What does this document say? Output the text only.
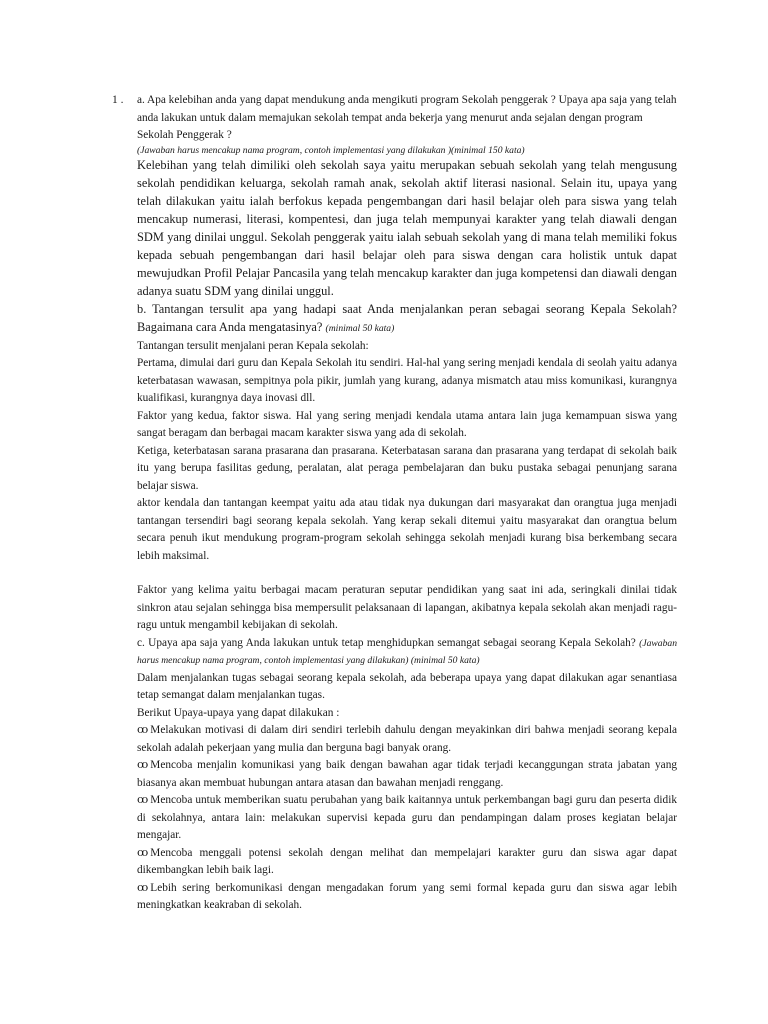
1 . a. Apa kelebihan anda yang dapat mendukung anda mengikuti program Sekolah penggerak ? Upaya apa saja yang telah anda lakukan untuk dalam memajukan sekolah tempat anda bekerja yang menurut anda sejalan dengan program Sekolah Penggerak ?

(Jawaban harus mencakup nama program, contoh implementasi yang dilakukan )(minimal 150 kata)

Kelebihan yang telah dimiliki oleh sekolah saya yaitu merupakan sebuah sekolah yang telah mengusung sekolah pendidikan keluarga, sekolah ramah anak, sekolah aktif literasi nasional. Selain itu, upaya yang telah dilakukan yaitu ialah berfokus kepada pengembangan dari hasil belajar oleh para siswa yang telah mencakup numerasi, literasi, kompentesi, dan juga telah mempunyai karakter yang telah diawali dengan SDM yang dinilai unggul. Sekolah penggerak yaitu ialah sebuah sekolah yang di mana telah memiliki fokus kepada sebuah pengembangan dari hasil belajar oleh para siswa dengan cara holistik untuk dapat mewujudkan Profil Pelajar Pancasila yang telah mencakup karakter dan juga kompetensi dan diawali dengan adanya suatu SDM yang dinilai unggul.

b. Tantangan tersulit apa yang hadapi saat Anda menjalankan peran sebagai seorang Kepala Sekolah? Bagaimana cara Anda mengatasinya? (minimal 50 kata)

Tantangan tersulit menjalani peran Kepala sekolah:

Pertama, dimulai dari guru dan Kepala Sekolah itu sendiri. Hal-hal yang sering menjadi kendala di seolah yaitu adanya keterbatasan wawasan, sempitnya pola pikir, jumlah yang kurang, adanya mismatch atau miss komunikasi, kurangnya kualifikasi, kurangnya daya inovasi dll.

Faktor yang kedua, faktor siswa. Hal yang sering menjadi kendala utama antara lain juga kemampuan siswa yang sangat beragam dan berbagai macam karakter siswa yang ada di sekolah.

Ketiga, keterbatasan sarana prasarana dan prasarana. Keterbatasan sarana dan prasarana yang terdapat di sekolah baik itu yang berupa fasilitas gedung, peralatan, alat peraga pembelajaran dan buku pustaka sebagai penunjang sarana belajar siswa.

aktor kendala dan tantangan keempat yaitu ada atau tidak nya dukungan dari masyarakat dan orangtua juga menjadi tantangan tersendiri bagi seorang kepala sekolah. Yang kerap sekali ditemui yaitu masyarakat dan orangtua belum secara penuh ikut mendukung program-program sekolah sehingga sekolah menjadi kurang bisa berkembang secara lebih maksimal.

Faktor yang kelima yaitu berbagai macam peraturan seputar pendidikan yang saat ini ada, seringkali dinilai tidak sinkron atau sejalan sehingga bisa mempersulit pelaksanaan di lapangan, akibatnya kepala sekolah akan menjadi ragu-ragu untuk mengambil kebijakan di sekolah.

c. Upaya apa saja yang Anda lakukan untuk tetap menghidupkan semangat sebagai seorang Kepala Sekolah? (Jawaban harus mencakup nama program, contoh implementasi yang dilakukan) (minimal 50 kata)

Dalam menjalankan tugas sebagai seorang kepala sekolah, ada beberapa upaya yang dapat dilakukan agar senantiasa tetap semangat dalam menjalankan tugas.

Berikut Upaya-upaya yang dapat dilakukan :

ꝏ Melakukan motivasi di dalam diri sendiri terlebih dahulu dengan meyakinkan diri bahwa menjadi seorang kepala sekolah adalah pekerjaan yang mulia dan berguna bagi banyak orang.

ꝏ Mencoba menjalin komunikasi yang baik dengan bawahan agar tidak terjadi kecanggungan strata jabatan yang biasanya akan membuat hubungan antara atasan dan bawahan menjadi renggang.

ꝏ Mencoba untuk memberikan suatu perubahan yang baik kaitannya untuk perkembangan bagi guru dan peserta didik di sekolahnya, antara lain: melakukan supervisi kepada guru dan pendampingan dalam proses kegiatan belajar mengajar.

ꝏ Mencoba menggali potensi sekolah dengan melihat dan mempelajari karakter guru dan siswa agar dapat dikembangkan lebih baik lagi.

ꝏ Lebih sering berkomunikasi dengan mengadakan forum yang semi formal kepada guru dan siswa agar lebih meningkatkan keakraban di sekolah.
